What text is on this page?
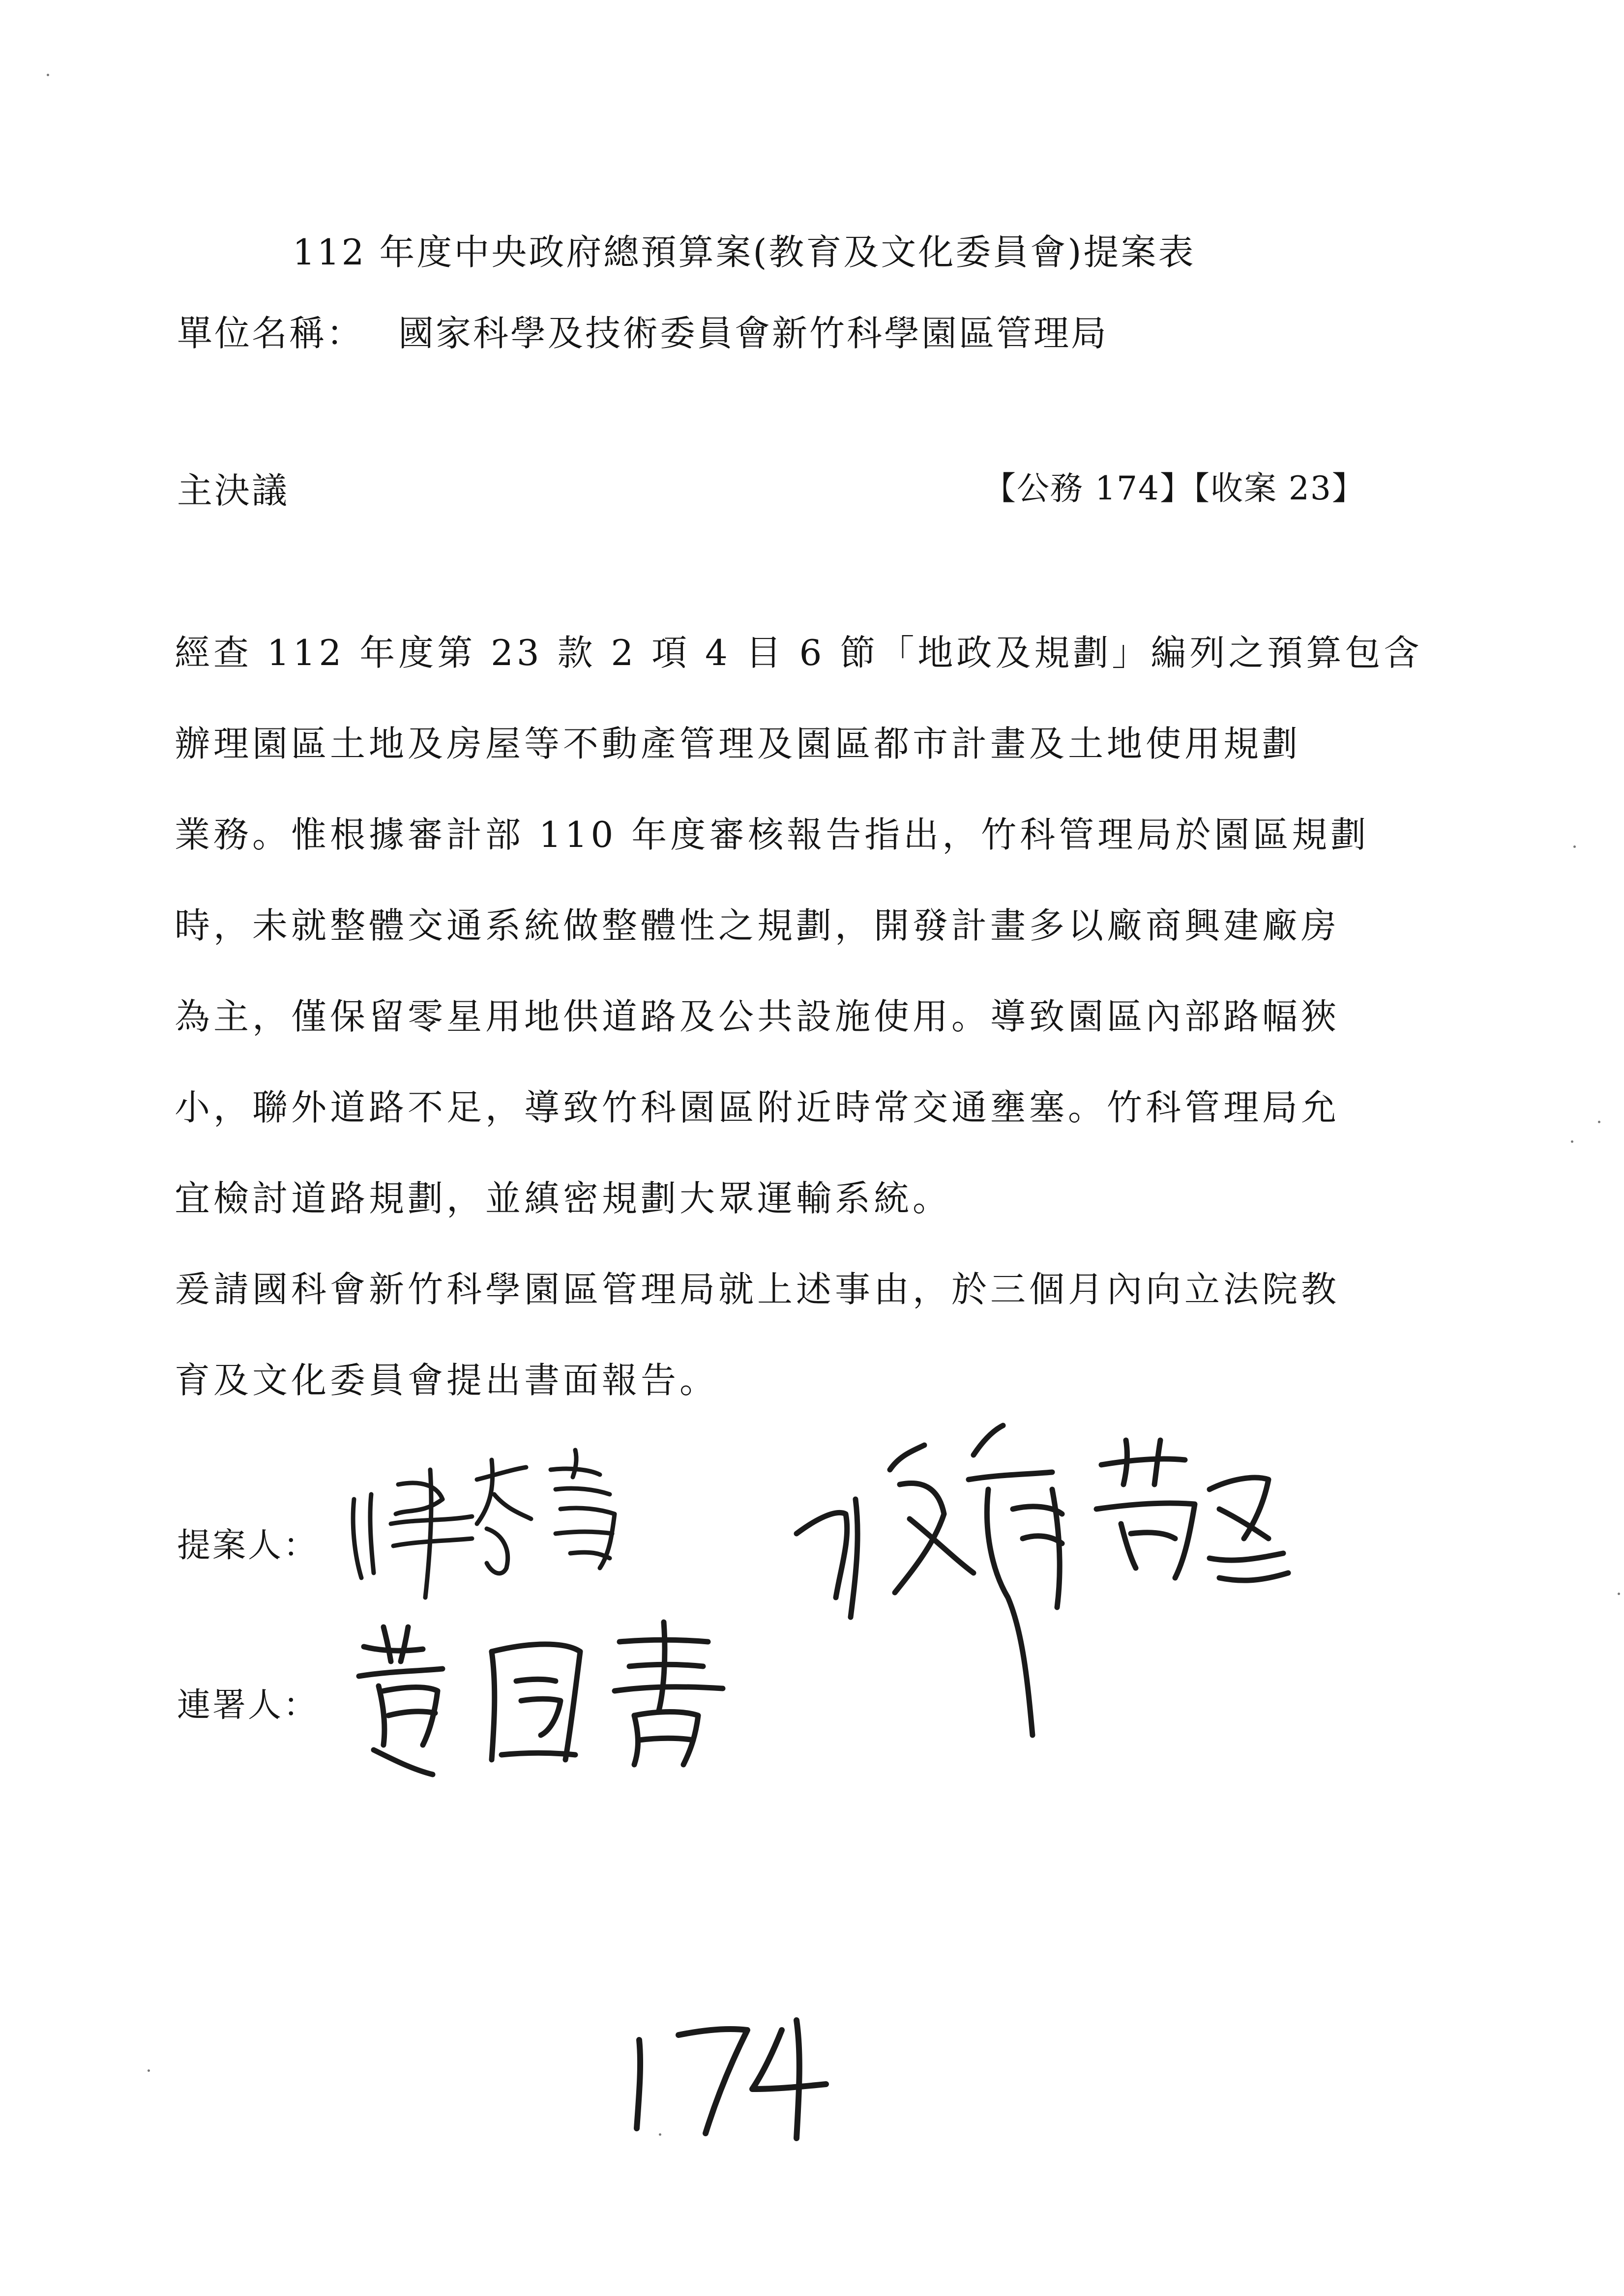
112 年度中央政府總預算案(教育及文化委員會)提案表
單位名稱： 國家科學及技術委員會新竹科學園區管理局
主決議	【公務 174】【收案 23】
經查 112 年度第 23 款 2 項 4 目 6 節「地政及規劃」編列之預算包含
辦理園區土地及房屋等不動產管理及園區都市計畫及土地使用規劃
業務。惟根據審計部 110 年度審核報告指出，竹科管理局於園區規劃
時，未就整體交通系統做整體性之規劃，開發計畫多以廠商興建廠房
為主，僅保留零星用地供道路及公共設施使用。導致園區內部路幅狹
小，聯外道路不足，導致竹科園區附近時常交通壅塞。竹科管理局允
宜檢討道路規劃，並縝密規劃大眾運輸系統。
爰請國科會新竹科學園區管理局就上述事由，於三個月內向立法院教
育及文化委員會提出書面報告。
提案人：
連署人：
